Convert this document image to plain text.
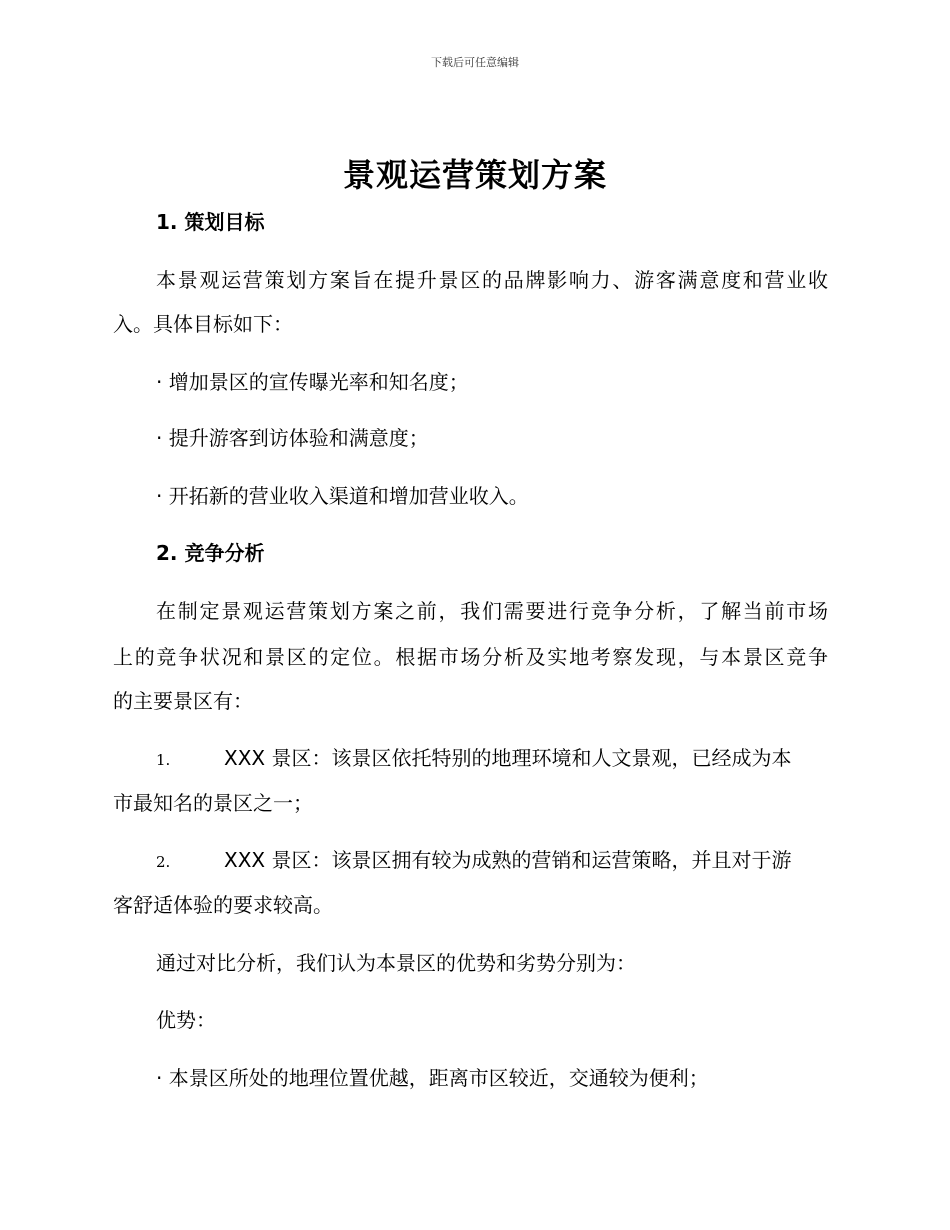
下载后可任意编辑
景观运营策划方案
1. 策划目标
本景观运营策划方案旨在提升景区的品牌影响力、游客满意度和营业收
入。具体目标如下：
· 增加景区的宣传曝光率和知名度；
· 提升游客到访体验和满意度；
· 开拓新的营业收入渠道和增加营业收入。
2. 竞争分析
在制定景观运营策划方案之前，我们需要进行竞争分析，了解当前市场
上的竞争状况和景区的定位。根据市场分析及实地考察发现，与本景区竞争
的主要景区有：
1.	XXX 景区：该景区依托特别的地理环境和人文景观，已经成为本
市最知名的景区之一；
2.	XXX 景区：该景区拥有较为成熟的营销和运营策略，并且对于游
客舒适体验的要求较高。
通过对比分析，我们认为本景区的优势和劣势分别为：
优势：
· 本景区所处的地理位置优越，距离市区较近，交通较为便利；
